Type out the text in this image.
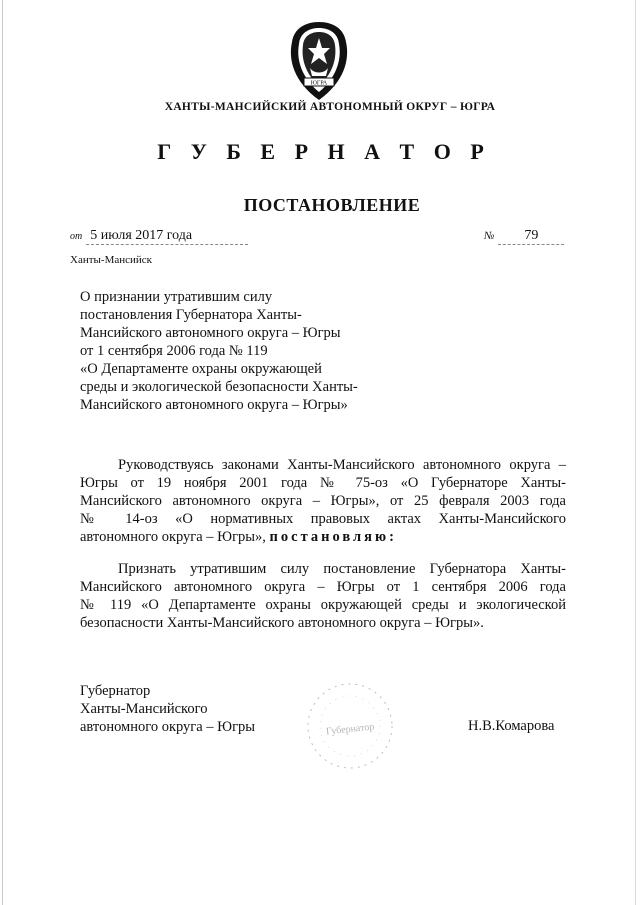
ЮГРА
ХАНТЫ-МАНСИЙСКИЙ АВТОНОМНЫЙ ОКРУГ – ЮГРА
Г У Б Е Р Н А Т О Р
ПОСТАНОВЛЕНИЕ
от 5 июля 2017 года	№ 79
Ханты-Мансийск
О признании утратившим силу
постановления Губернатора Ханты-
Мансийского автономного округа – Югры
от 1 сентября 2006 года № 119
«О Департаменте охраны окружающей
среды и экологической безопасности Ханты-
Мансийского автономного округа – Югры»
Руководствуясь законами Ханты-Мансийского автономного округа –
Югры от 19 ноября 2001 года № 75-оз «О Губернаторе Ханты-
Мансийского автономного округа – Югры», от 25 февраля 2003 года
№ 14-оз «О нормативных правовых актах Ханты-Мансийского
автономного округа – Югры», постановляю:
Признать утратившим силу постановление Губернатора Ханты-
Мансийского автономного округа – Югры от 1 сентября 2006 года
№ 119 «О Департаменте охраны окружающей среды и экологической
безопасности Ханты-Мансийского автономного округа – Югры».
Губернатор
Ханты-Мансийского
автономного округа – Югры	Губернатор	Н.В.Комарова
